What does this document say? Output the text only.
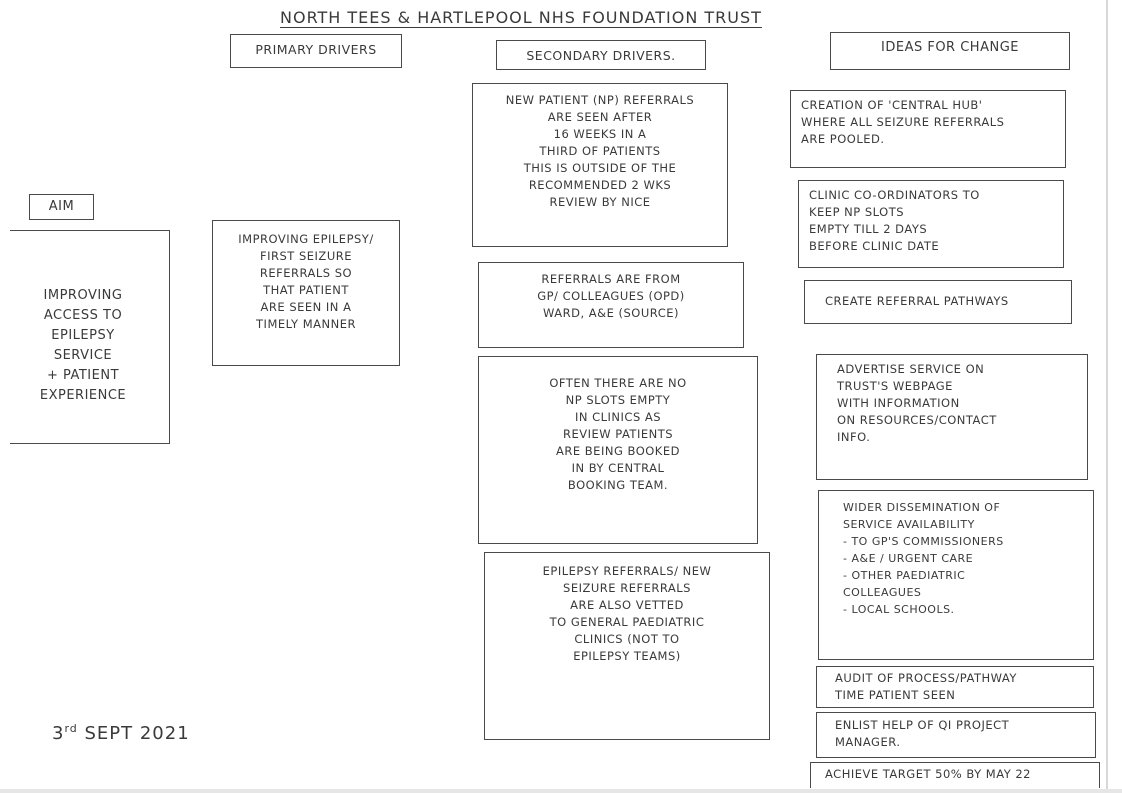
NORTH TEES & HARTLEPOOL NHS FOUNDATION TRUST
PRIMARY DRIVERS	SECONDARY DRIVERS.
IDEAS FOR CHANGE
AIM
IMPROVING
ACCESS TO
EPILEPSY
SERVICE
+ PATIENT
EXPERIENCE
IMPROVING EPILEPSY/
FIRST SEIZURE
REFERRALS SO
THAT PATIENT
ARE SEEN IN A
TIMELY MANNER
NEW PATIENT (NP) REFERRALS
ARE SEEN AFTER
16 WEEKS IN A
THIRD OF PATIENTS
THIS IS OUTSIDE OF THE
RECOMMENDED 2 WKS
REVIEW BY NICE
REFERRALS ARE FROM
GP/ COLLEAGUES (OPD)
WARD, A&E (SOURCE)
OFTEN THERE ARE NO
NP SLOTS EMPTY
IN CLINICS AS
REVIEW PATIENTS
ARE BEING BOOKED
IN BY CENTRAL
BOOKING TEAM.
EPILEPSY REFERRALS/ NEW
SEIZURE REFERRALS
ARE ALSO VETTED
TO GENERAL PAEDIATRIC
CLINICS (NOT TO
EPILEPSY TEAMS)
CREATION OF 'CENTRAL HUB'
WHERE ALL SEIZURE REFERRALS
ARE POOLED.
CLINIC CO-ORDINATORS TO
KEEP NP SLOTS
EMPTY TILL 2 DAYS
BEFORE CLINIC DATE
CREATE REFERRAL PATHWAYS
ADVERTISE SERVICE ON
TRUST'S WEBPAGE
WITH INFORMATION
ON RESOURCES/CONTACT
INFO.
WIDER DISSEMINATION OF
SERVICE AVAILABILITY
- TO GP'S COMMISSIONERS
- A&E / URGENT CARE
- OTHER PAEDIATRIC
COLLEAGUES
- LOCAL SCHOOLS.
AUDIT OF PROCESS/PATHWAY
TIME PATIENT SEEN
ENLIST HELP OF QI PROJECT
MANAGER.
ACHIEVE TARGET 50% BY MAY 22
3rd SEPT 2021
